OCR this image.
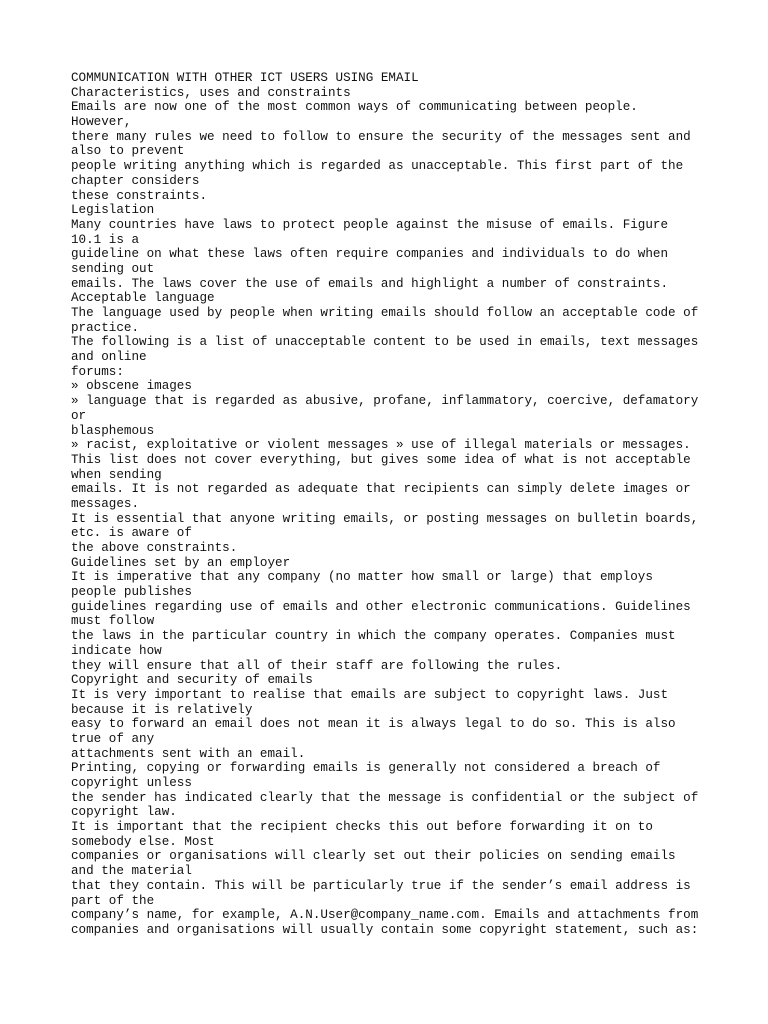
COMMUNICATION WITH OTHER ICT USERS USING EMAIL
Characteristics, uses and constraints
Emails are now one of the most common ways of communicating between people.
However,
there many rules we need to follow to ensure the security of the messages sent and
also to prevent
people writing anything which is regarded as unacceptable. This first part of the
chapter considers
these constraints.
Legislation
Many countries have laws to protect people against the misuse of emails. Figure
10.1 is a
guideline on what these laws often require companies and individuals to do when
sending out
emails. The laws cover the use of emails and highlight a number of constraints.
Acceptable language
The language used by people when writing emails should follow an acceptable code of
practice.
The following is a list of unacceptable content to be used in emails, text messages
and online
forums:
» obscene images
» language that is regarded as abusive, profane, inflammatory, coercive, defamatory
or
blasphemous
» racist, exploitative or violent messages » use of illegal materials or messages.
This list does not cover everything, but gives some idea of what is not acceptable
when sending
emails. It is not regarded as adequate that recipients can simply delete images or
messages.
It is essential that anyone writing emails, or posting messages on bulletin boards,
etc. is aware of
the above constraints.
Guidelines set by an employer
It is imperative that any company (no matter how small or large) that employs
people publishes
guidelines regarding use of emails and other electronic communications. Guidelines
must follow
the laws in the particular country in which the company operates. Companies must
indicate how
they will ensure that all of their staff are following the rules.
Copyright and security of emails
It is very important to realise that emails are subject to copyright laws. Just
because it is relatively
easy to forward an email does not mean it is always legal to do so. This is also
true of any
attachments sent with an email.
Printing, copying or forwarding emails is generally not considered a breach of
copyright unless
the sender has indicated clearly that the message is confidential or the subject of
copyright law.
It is important that the recipient checks this out before forwarding it on to
somebody else. Most
companies or organisations will clearly set out their policies on sending emails
and the material
that they contain. This will be particularly true if the sender’s email address is
part of the
company’s name, for example, A.N.User@company_name.com. Emails and attachments from
companies and organisations will usually contain some copyright statement, such as:
